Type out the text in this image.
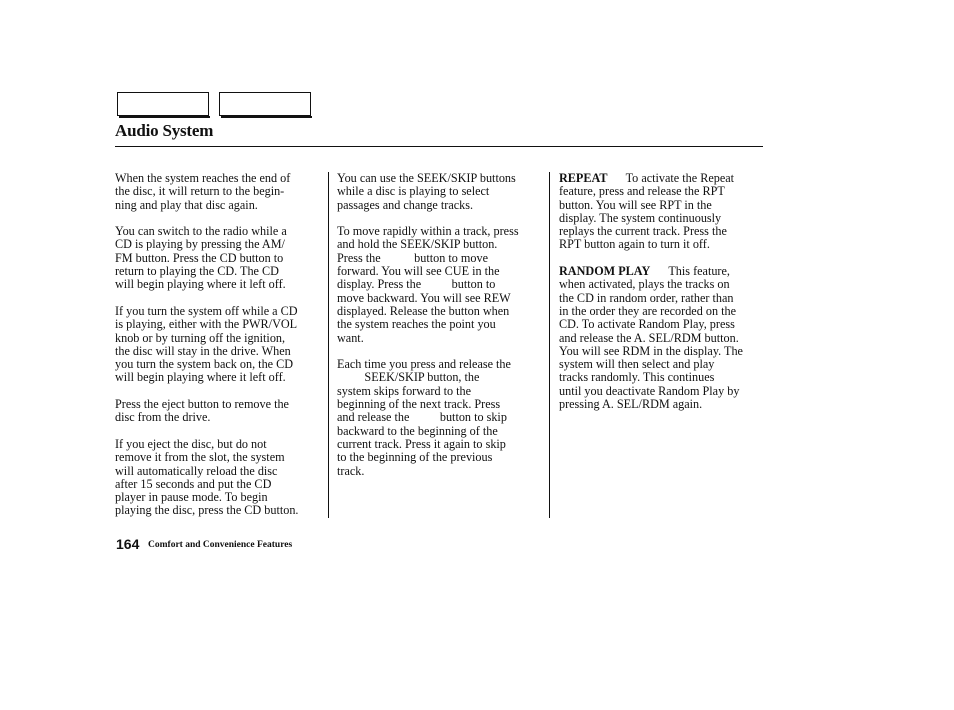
Audio System

When the system reaches the end of
the disc, it will return to the begin-
ning and play that disc again.

You can switch to the radio while a
CD is playing by pressing the AM/
FM button. Press the CD button to
return to playing the CD. The CD
will begin playing where it left off.

If you turn the system off while a CD
is playing, either with the PWR/VOL
knob or by turning off the ignition,
the disc will stay in the drive. When
you turn the system back on, the CD
will begin playing where it left off.

Press the eject button to remove the
disc from the drive.

If you eject the disc, but do not
remove it from the slot, the system
will automatically reload the disc
after 15 seconds and put the CD
player in pause mode. To begin
playing the disc, press the CD button.

You can use the SEEK/SKIP buttons
while a disc is playing to select
passages and change tracks.

To move rapidly within a track, press
and hold the SEEK/SKIP button.
Press the           button to move
forward. You will see CUE in the
display. Press the          button to
move backward. You will see REW
displayed. Release the button when
the system reaches the point you
want.

Each time you press and release the
SEEK/SKIP button, the
system skips forward to the
beginning of the next track. Press
and release the          button to skip
backward to the beginning of the
current track. Press it again to skip
to the beginning of the previous
track.

REPEAT      To activate the Repeat
feature, press and release the RPT
button. You will see RPT in the
display. The system continuously
replays the current track. Press the
RPT button again to turn it off.

RANDOM PLAY      This feature,
when activated, plays the tracks on
the CD in random order, rather than
in the order they are recorded on the
CD. To activate Random Play, press
and release the A. SEL/RDM button.
You will see RDM in the display. The
system will then select and play
tracks randomly. This continues
until you deactivate Random Play by
pressing A. SEL/RDM again.

164 Comfort and Convenience Features
